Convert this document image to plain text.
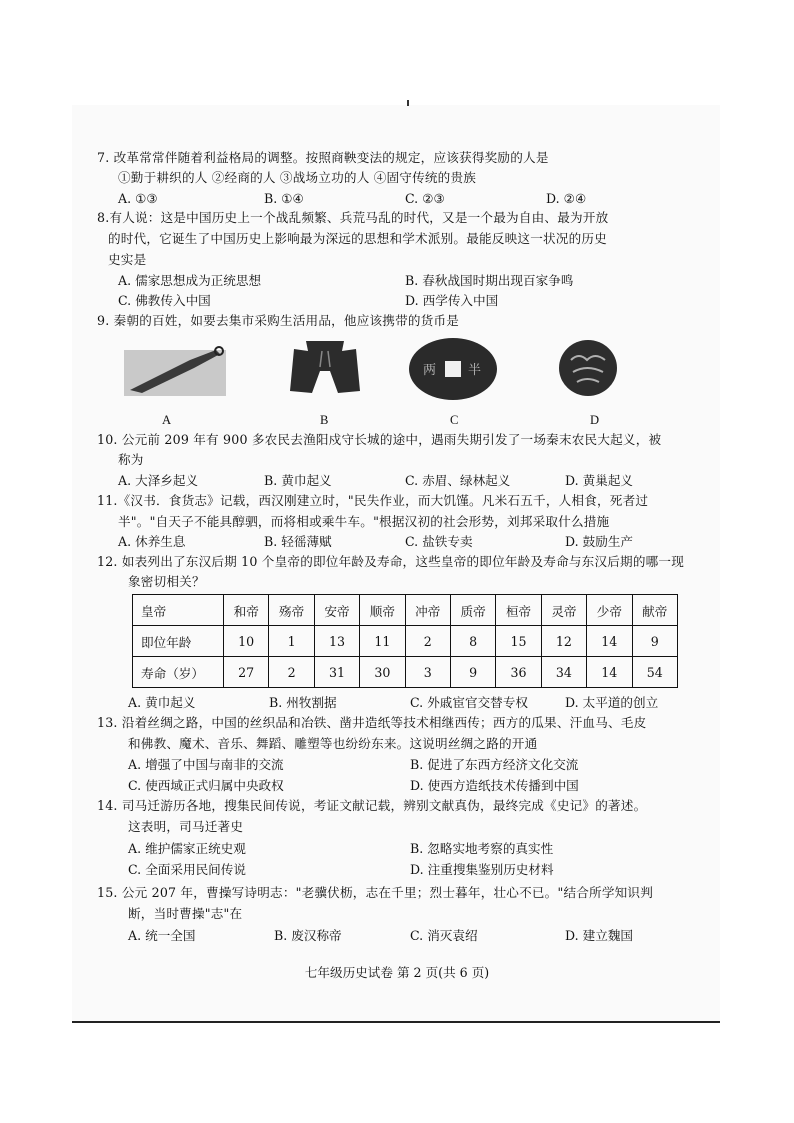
7. 改革常常伴随着利益格局的调整。按照商鞅变法的规定，应该获得奖励的人是
①勤于耕织的人 ②经商的人 ③战场立功的人 ④固守传统的贵族
A. ①③	B. ①④	C. ②③	D. ②④
8.有人说：这是中国历史上一个战乱频繁、兵荒马乱的时代，又是一个最为自由、最为开放
的时代，它诞生了中国历史上影响最为深远的思想和学术派别。最能反映这一状况的历史
史实是
A. 儒家思想成为正统思想	B. 春秋战国时期出现百家争鸣
C. 佛教传入中国	D. 西学传入中国
9. 秦朝的百姓，如要去集市采购生活用品，他应该携带的货币是
两 半
A	B	C	D
10. 公元前 209 年有 900 多农民去渔阳戍守长城的途中，遇雨失期引发了一场秦末农民大起义，被
称为
A. 大泽乡起义	B. 黄巾起义	C. 赤眉、绿林起义	D. 黄巢起义
11.《汉书．食货志》记载，西汉刚建立时，"民失作业，而大饥馑。凡米石五千，人相食，死者过
半"。"自天子不能具醇驷，而将相或乘牛车。"根据汉初的社会形势，刘邦采取什么措施
A. 休养生息	B. 轻徭薄赋	C. 盐铁专卖	D. 鼓励生产
12. 如表列出了东汉后期 10 个皇帝的即位年龄及寿命，这些皇帝的即位年龄及寿命与东汉后期的哪一现
象密切相关？
皇帝	和帝	殇帝	安帝	顺帝	冲帝	质帝	桓帝	灵帝	少帝	献帝
即位年龄	10	1	13	11	2	8	15	12	14	9
寿命（岁）	27	2	31	30	3	9	36	34	14	54
A. 黄巾起义	B. 州牧割据	C. 外戚宦官交替专权	D. 太平道的创立
13. 沿着丝绸之路，中国的丝织品和冶铁、凿井造纸等技术相继西传；西方的瓜果、汗血马、毛皮
和佛教、魔术、音乐、舞蹈、雕塑等也纷纷东来。这说明丝绸之路的开通
A. 增强了中国与南非的交流	B. 促进了东西方经济文化交流
C. 使西域正式归属中央政权	D. 使西方造纸技术传播到中国
14. 司马迁游历各地，搜集民间传说，考证文献记载，辨别文献真伪，最终完成《史记》的著述。
这表明，司马迁著史
A. 维护儒家正统史观	B. 忽略实地考察的真实性
C. 全面采用民间传说	D. 注重搜集鉴别历史材料
15. 公元 207 年，曹操写诗明志："老骥伏枥，志在千里；烈士暮年，壮心不已。"结合所学知识判
断，当时曹操"志"在
A. 统一全国	B. 废汉称帝	C. 消灭袁绍	D. 建立魏国
七年级历史试卷 第 2 页(共 6 页)
